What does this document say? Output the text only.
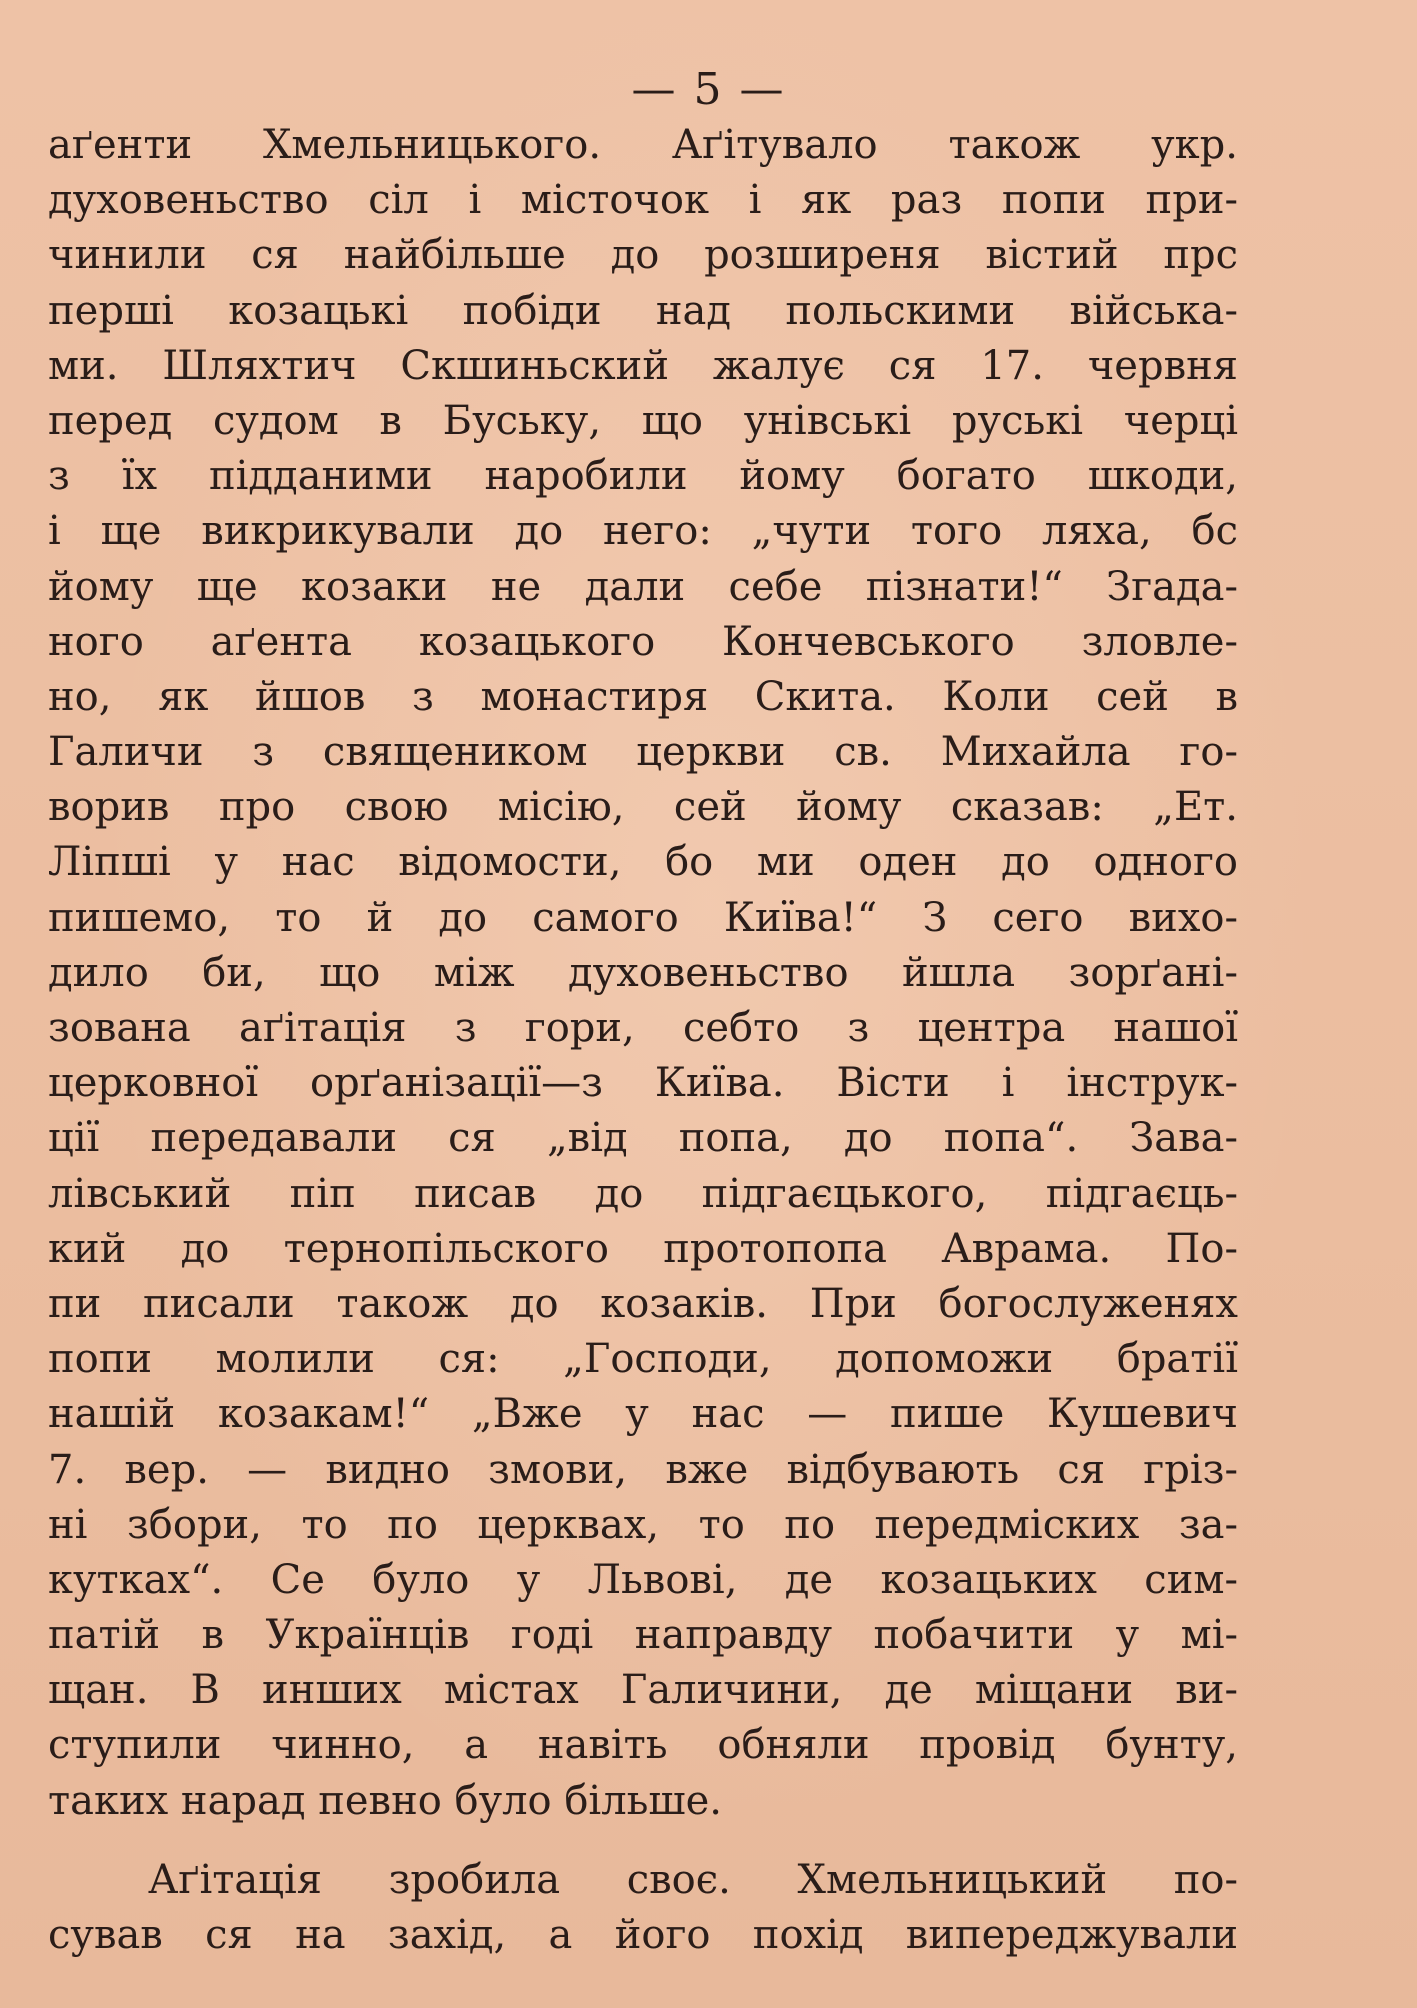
— 5 —
аґенти Хмельницького. Аґітувало також укр.
духовеньство сіл і місточок і як раз попи при-
чинили ся найбільше до розширеня вістий прс
перші козацькі побіди над польскими війська-
ми. Шляхтич Скшиньский жалує ся 17. червня
перед судом в Буську, що унівські руські черці
з їх підданими наробили йому богато шкоди,
і ще викрикували до него: „чути того ляха, бс
йому ще козаки не дали себе пізнати!“ Згада-
ного аґента козацького Кончевського зловле-
но, як йшов з монастиря Скита. Коли сей в
Галичи з священиком церкви св. Михайла го-
ворив про свою місію, сей йому сказав: „Ет.
Ліпші у нас відомости, бо ми оден до одного
пишемо, то й до самого Київа!“ З сего вихо-
дило би, що між духовеньство йшла зорґані-
зована аґітація з гори, себто з центра нашої
церковної орґанізації—з Київа. Вісти і інструк-
ції передавали ся „від попа, до попа“. Зава-
лівський піп писав до підгаєцького, підгаєць-
кий до тернопільского протопопа Аврама. По-
пи писали також до козаків. При богослуженях
попи молили ся: „Господи, допоможи братії
нашій козакам!“ „Вже у нас — пише Кушевич
7. вер. — видно змови, вже відбувають ся гріз-
ні збори, то по церквах, то по передміских за-
кутках“. Се було у Львові, де козацьких сим-
патій в Українців годі направду побачити у мі-
щан. В инших містах Галичини, де міщани ви-
ступили чинно, а навіть обняли провід бунту,
таких нарад певно було більше.
Аґітація зробила своє. Хмельницький по-
сував ся на захід, а його похід випереджували
